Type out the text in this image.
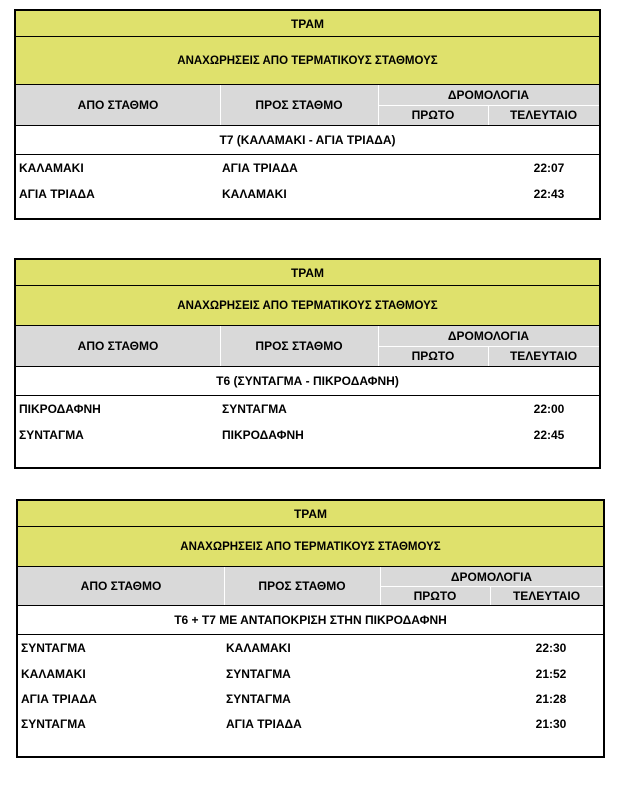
ΤΡΑΜ
ΑΝΑΧΩΡΗΣΕΙΣ ΑΠΟ ΤΕΡΜΑΤΙΚΟΥΣ ΣΤΑΘΜΟΥΣ
ΑΠΟ ΣΤΑΘΜΟ	ΠΡΟΣ ΣΤΑΘΜΟ
ΔΡΟΜΟΛΟΓΙΑ
ΠΡΩΤΟ	ΤΕΛΕΥΤΑΙΟ
Τ7 (ΚΑΛΑΜΑΚΙ - ΑΓΙΑ ΤΡΙΑΔΑ)
ΚΑΛΑΜΑΚΙ	ΑΓΙΑ ΤΡΙΑΔΑ	22:07
ΑΓΙΑ ΤΡΙΑΔΑ	ΚΑΛΑΜΑΚΙ	22:43
ΤΡΑΜ
ΑΝΑΧΩΡΗΣΕΙΣ ΑΠΟ ΤΕΡΜΑΤΙΚΟΥΣ ΣΤΑΘΜΟΥΣ
ΑΠΟ ΣΤΑΘΜΟ	ΠΡΟΣ ΣΤΑΘΜΟ
ΔΡΟΜΟΛΟΓΙΑ
ΠΡΩΤΟ	ΤΕΛΕΥΤΑΙΟ
Τ6 (ΣΥΝΤΑΓΜΑ - ΠΙΚΡΟΔΑΦΝΗ)
ΠΙΚΡΟΔΑΦΝΗ	ΣΥΝΤΑΓΜΑ	22:00
ΣΥΝΤΑΓΜΑ	ΠΙΚΡΟΔΑΦΝΗ	22:45
ΤΡΑΜ
ΑΝΑΧΩΡΗΣΕΙΣ ΑΠΟ ΤΕΡΜΑΤΙΚΟΥΣ ΣΤΑΘΜΟΥΣ
ΑΠΟ ΣΤΑΘΜΟ	ΠΡΟΣ ΣΤΑΘΜΟ
ΔΡΟΜΟΛΟΓΙΑ
ΠΡΩΤΟ	ΤΕΛΕΥΤΑΙΟ
Τ6 + Τ7 ΜΕ ΑΝΤΑΠΟΚΡΙΣΗ ΣΤΗΝ ΠΙΚΡΟΔΑΦΝΗ
ΣΥΝΤΑΓΜΑ	ΚΑΛΑΜΑΚΙ	22:30
ΚΑΛΑΜΑΚΙ	ΣΥΝΤΑΓΜΑ	21:52
ΑΓΙΑ ΤΡΙΑΔΑ	ΣΥΝΤΑΓΜΑ	21:28
ΣΥΝΤΑΓΜΑ	ΑΓΙΑ ΤΡΙΑΔΑ	21:30
